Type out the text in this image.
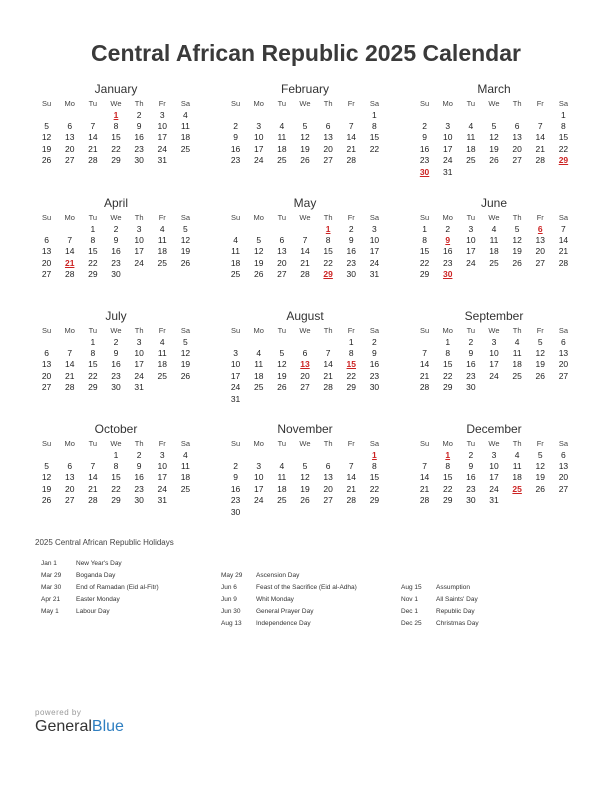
Central African Republic 2025 Calendar
January
Su	Mo	Tu	We	Th	Fr	Sa
			1	2	3	4
5	6	7	8	9	10	11
12	13	14	15	16	17	18
19	20	21	22	23	24	25
26	27	28	29	30	31	
February
Su	Mo	Tu	We	Th	Fr	Sa
						1
2	3	4	5	6	7	8
9	10	11	12	13	14	15
16	17	18	19	20	21	22
23	24	25	26	27	28	
March
Su	Mo	Tu	We	Th	Fr	Sa
						1
2	3	4	5	6	7	8
9	10	11	12	13	14	15
16	17	18	19	20	21	22
23	24	25	26	27	28	29
30	31					
April
Su	Mo	Tu	We	Th	Fr	Sa
		1	2	3	4	5
6	7	8	9	10	11	12
13	14	15	16	17	18	19
20	21	22	23	24	25	26
27	28	29	30			
May
Su	Mo	Tu	We	Th	Fr	Sa
				1	2	3
4	5	6	7	8	9	10
11	12	13	14	15	16	17
18	19	20	21	22	23	24
25	26	27	28	29	30	31
June
Su	Mo	Tu	We	Th	Fr	Sa
1	2	3	4	5	6	7
8	9	10	11	12	13	14
15	16	17	18	19	20	21
22	23	24	25	26	27	28
29	30					
July
Su	Mo	Tu	We	Th	Fr	Sa
		1	2	3	4	5
6	7	8	9	10	11	12
13	14	15	16	17	18	19
20	21	22	23	24	25	26
27	28	29	30	31		
August
Su	Mo	Tu	We	Th	Fr	Sa
					1	2
3	4	5	6	7	8	9
10	11	12	13	14	15	16
17	18	19	20	21	22	23
24	25	26	27	28	29	30
31						
September
Su	Mo	Tu	We	Th	Fr	Sa
	1	2	3	4	5	6
7	8	9	10	11	12	13
14	15	16	17	18	19	20
21	22	23	24	25	26	27
28	29	30				
October
Su	Mo	Tu	We	Th	Fr	Sa
			1	2	3	4
5	6	7	8	9	10	11
12	13	14	15	16	17	18
19	20	21	22	23	24	25
26	27	28	29	30	31	
November
Su	Mo	Tu	We	Th	Fr	Sa
						1
2	3	4	5	6	7	8
9	10	11	12	13	14	15
16	17	18	19	20	21	22
23	24	25	26	27	28	29
30						
December
Su	Mo	Tu	We	Th	Fr	Sa
	1	2	3	4	5	6
7	8	9	10	11	12	13
14	15	16	17	18	19	20
21	22	23	24	25	26	27
28	29	30	31			
2025 Central African Republic Holidays
Jan 1	New Year's Day
Mar 29 Boganda Day
Mar 30 End of Ramadan (Eid al-Fitr)
Apr 21 Easter Monday
May 1	Labour Day
May 29 Ascension Day
Jun 6	Feast of the Sacrifice (Eid al-Adha)
Jun 9	Whit Monday
Jun 30 General Prayer Day
Aug 13 Independence Day
Aug 15 Assumption
Nov 1	All Saints' Day
Dec 1	Republic Day
Dec 25 Christmas Day
powered by
GeneralBlue
